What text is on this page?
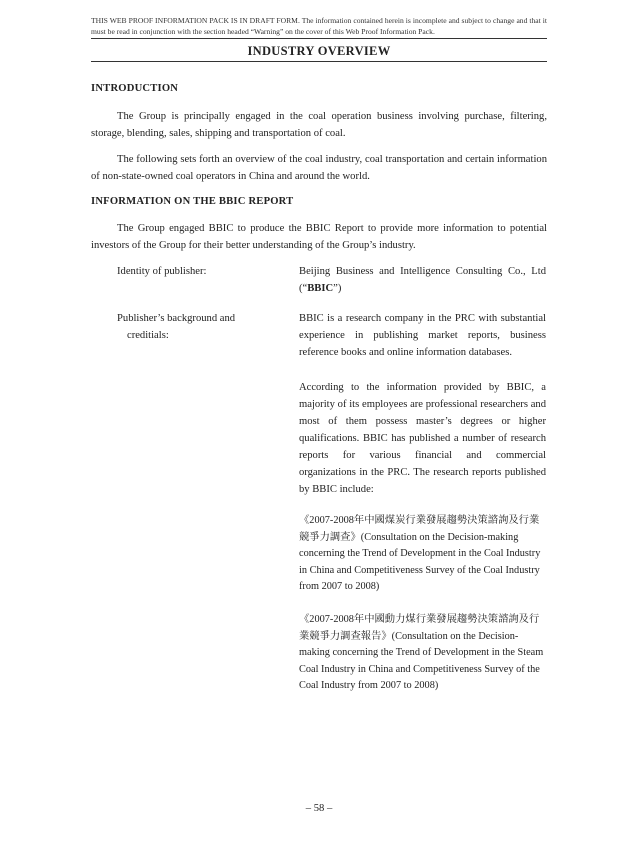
THIS WEB PROOF INFORMATION PACK IS IN DRAFT FORM. The information contained herein is incomplete and subject to change and that it must be read in conjunction with the section headed “Warning” on the cover of this Web Proof Information Pack.
INDUSTRY OVERVIEW
INTRODUCTION
The Group is principally engaged in the coal operation business involving purchase, filtering, storage, blending, sales, shipping and transportation of coal.
The following sets forth an overview of the coal industry, coal transportation and certain information of non-state-owned coal operators in China and around the world.
INFORMATION ON THE BBIC REPORT
The Group engaged BBIC to produce the BBIC Report to provide more information to potential investors of the Group for their better understanding of the Group’s industry.
Identity of publisher:	Beijing Business and Intelligence Consulting Co., Ltd (“BBIC”)
Publisher’s background and
creditials:
BBIC is a research company in the PRC with substantial experience in publishing market reports, business reference books and online information databases.
According to the information provided by BBIC, a majority of its employees are professional researchers and most of them possess master’s degrees or higher qualifications. BBIC has published a number of research reports for various financial and commercial organizations in the PRC. The research reports published by BBIC include:
《2007-2008年中國煤炭行業發展趨勢決策諮詢及行業競爭力調查》(Consultation on the Decision-making concerning the Trend of Development in the Coal Industry in China and Competitiveness Survey of the Coal Industry from 2007 to 2008)
《2007-2008年中國動力煤行業發展趨勢決策諮詢及行業競爭力調查報告》(Consultation on the Decision-making concerning the Trend of Development in the Steam Coal Industry in China and Competitiveness Survey of the Coal Industry from 2007 to 2008)
– 58 –
